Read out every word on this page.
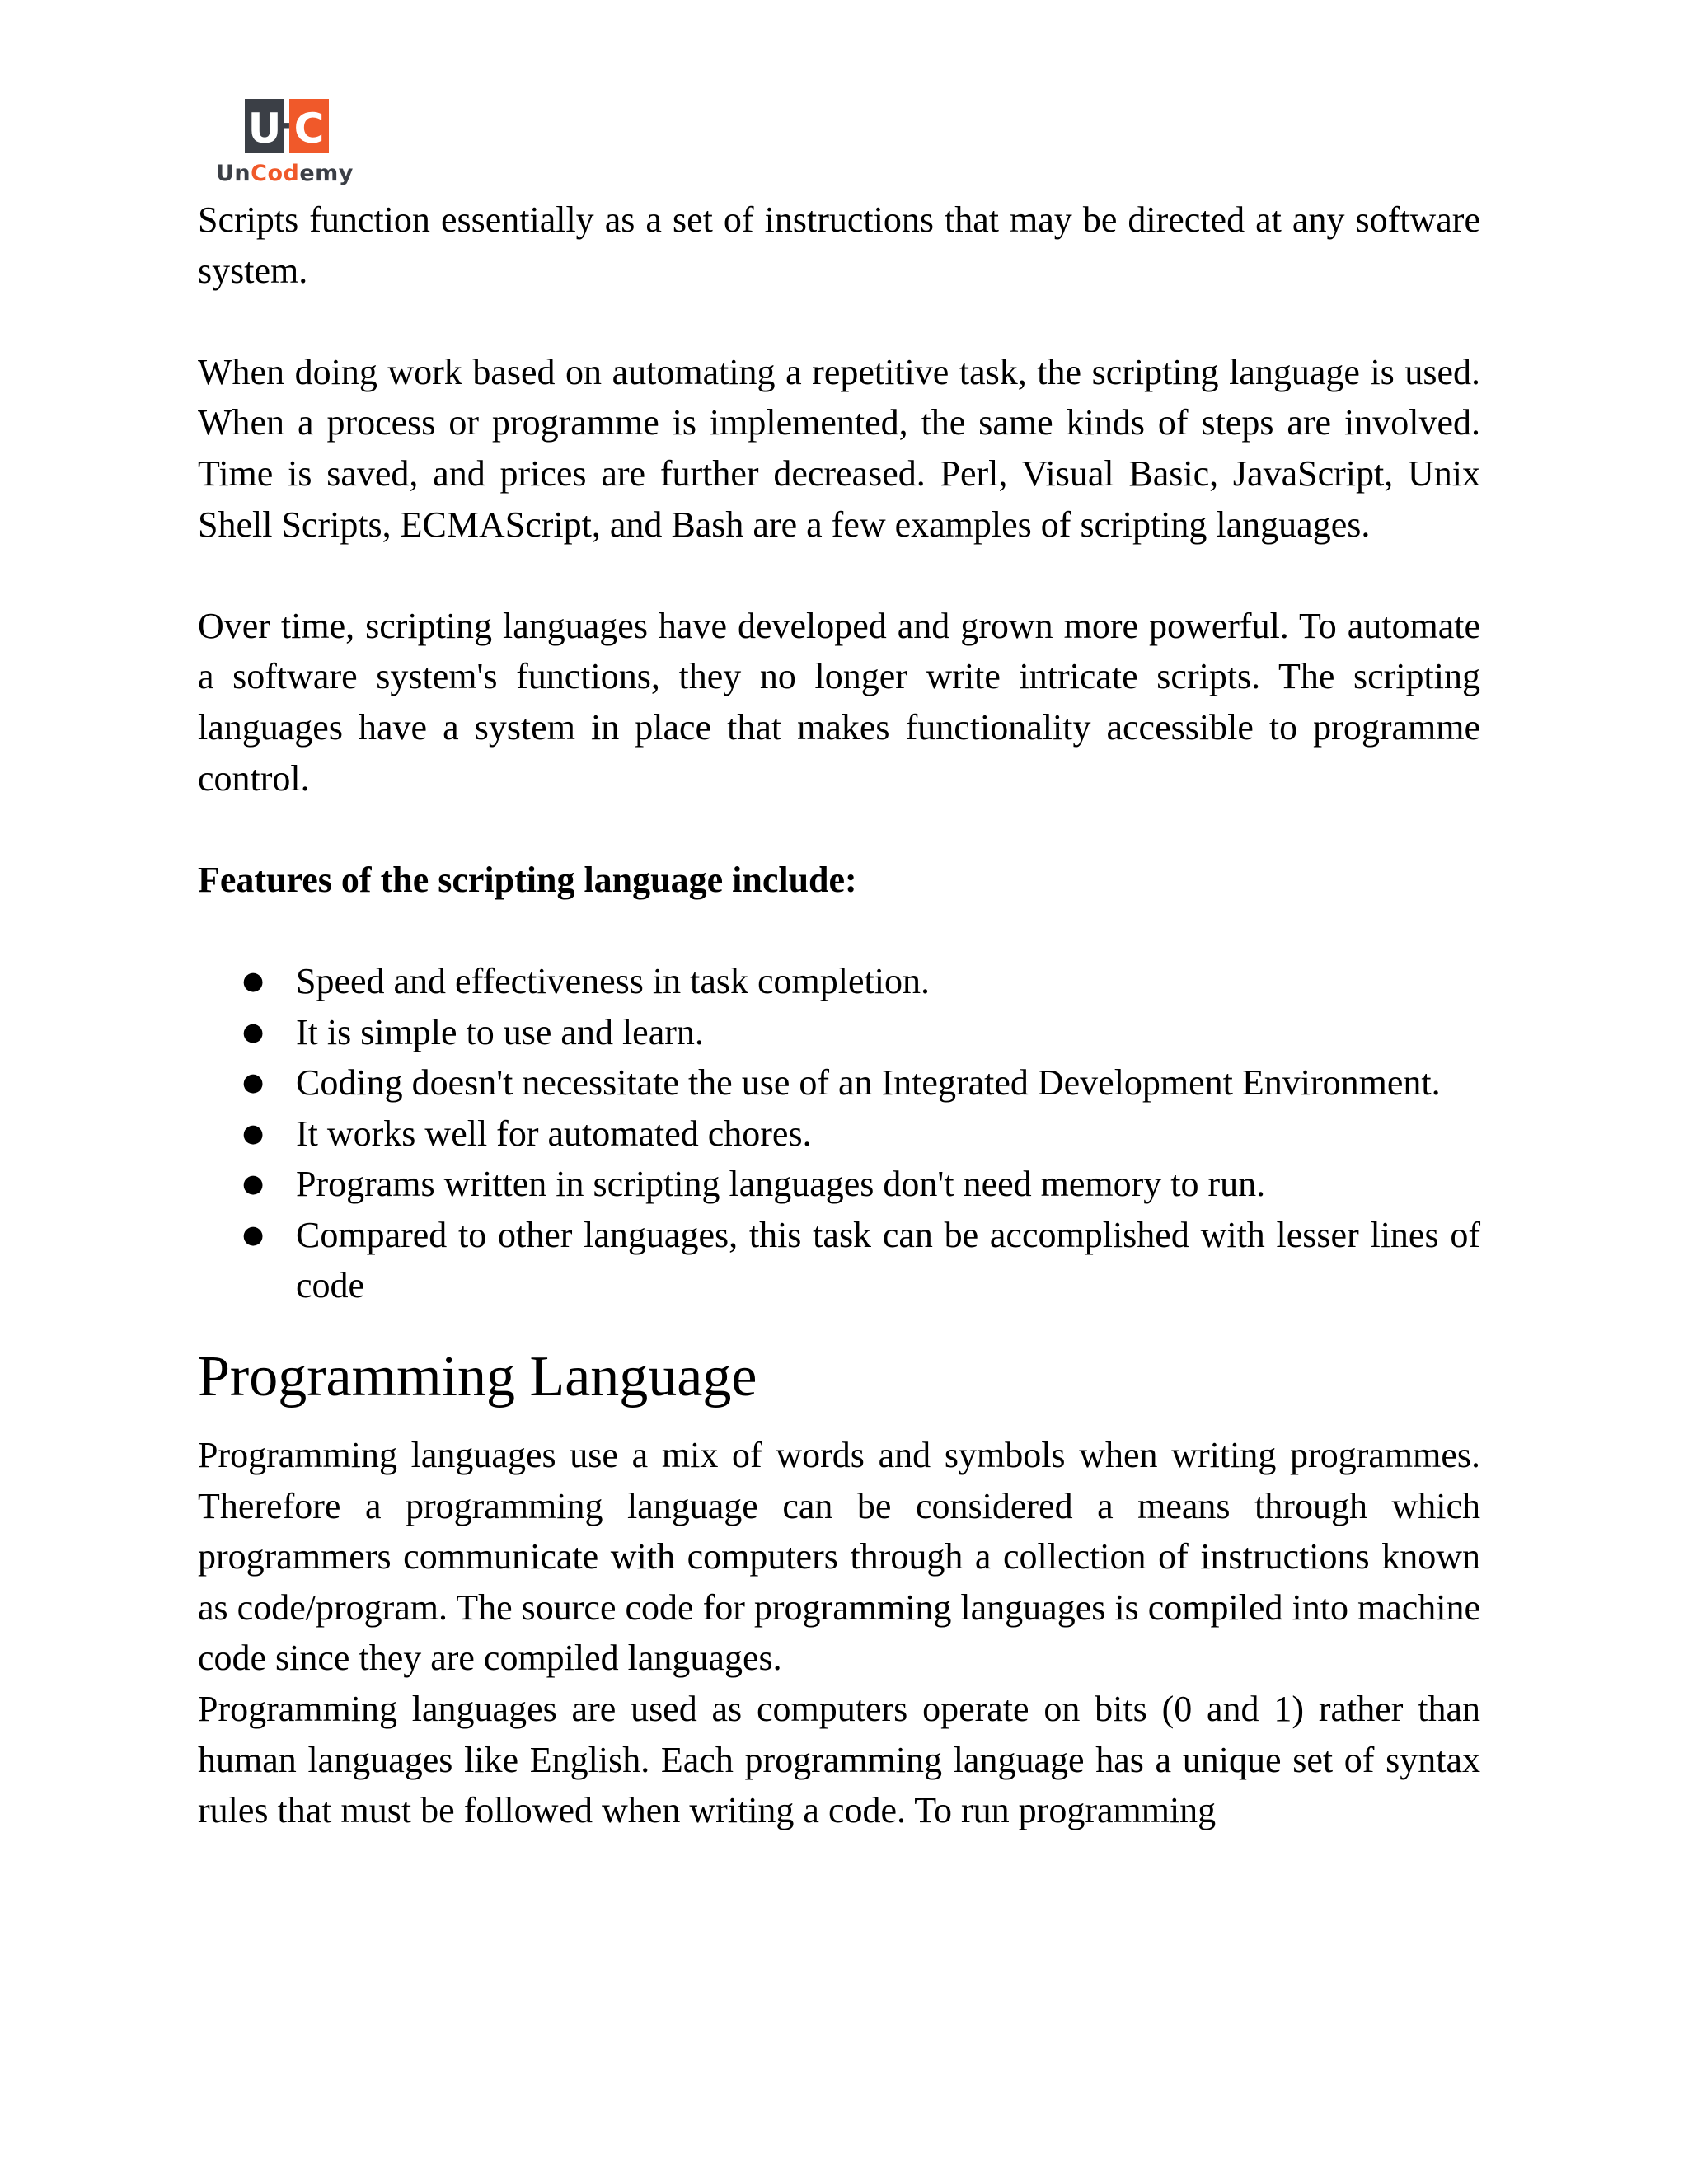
U · C
UnCodemy

Scripts function essentially as a set of instructions that may be directed at any software system.

When doing work based on automating a repetitive task, the scripting language is used. When a process or programme is implemented, the same kinds of steps are involved. Time is saved, and prices are further decreased. Perl, Visual Basic, JavaScript, Unix Shell Scripts, ECMAScript, and Bash are a few examples of scripting languages.

Over time, scripting languages have developed and grown more powerful. To automate a software system's functions, they no longer write intricate scripts. The scripting languages have a system in place that makes functionality accessible to programme control.

Features of the scripting language include:

● Speed and effectiveness in task completion.
● It is simple to use and learn.
● Coding doesn't necessitate the use of an Integrated Development Environment.
● It works well for automated chores.
● Programs written in scripting languages don't need memory to run.
● Compared to other languages, this task can be accomplished with lesser lines of code
Programming Language

Programming languages use a mix of words and symbols when writing programmes. Therefore a programming language can be considered a means through which programmers communicate with computers through a collection of instructions known as code/program. The source code for programming languages is compiled into machine code since they are compiled languages.

Programming languages are used as computers operate on bits (0 and 1) rather than human languages like English. Each programming language has a unique set of syntax rules that must be followed when writing a code. To run programming
